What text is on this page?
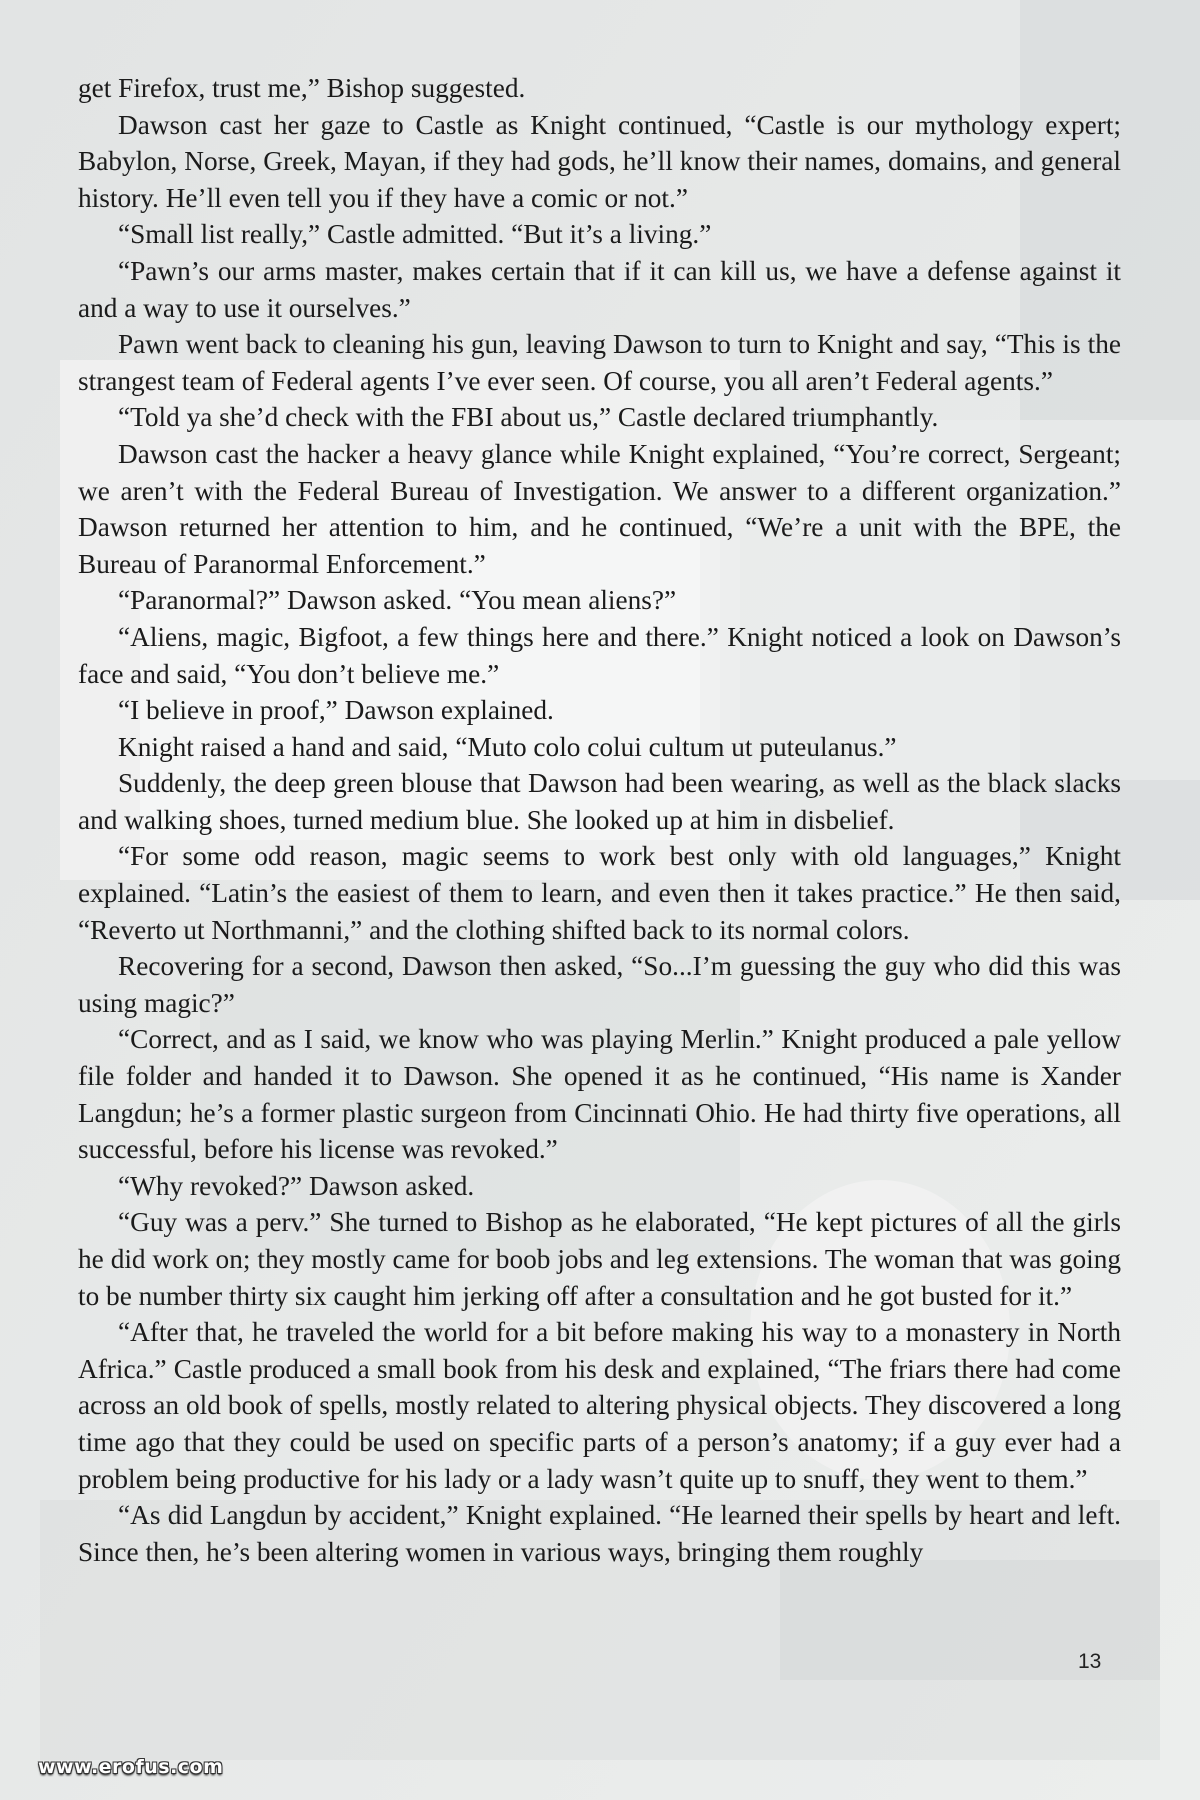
get Firefox, trust me,” Bishop suggested.

Dawson cast her gaze to Castle as Knight continued, “Castle is our mythology expert; Babylon, Norse, Greek, Mayan, if they had gods, he’ll know their names, domains, and general history. He’ll even tell you if they have a comic or not.”

“Small list really,” Castle admitted. “But it’s a living.”

“Pawn’s our arms master, makes certain that if it can kill us, we have a defense against it and a way to use it ourselves.”

Pawn went back to cleaning his gun, leaving Dawson to turn to Knight and say, “This is the strangest team of Federal agents I’ve ever seen. Of course, you all aren’t Federal agents.”

“Told ya she’d check with the FBI about us,” Castle declared triumphantly.

Dawson cast the hacker a heavy glance while Knight explained, “You’re correct, Sergeant; we aren’t with the Federal Bureau of Investigation. We answer to a different organization.” Dawson returned her attention to him, and he continued, “We’re a unit with the BPE, the Bureau of Paranormal Enforcement.”

“Paranormal?” Dawson asked. “You mean aliens?”

“Aliens, magic, Bigfoot, a few things here and there.” Knight noticed a look on Dawson’s face and said, “You don’t believe me.”

“I believe in proof,” Dawson explained.

Knight raised a hand and said, “Muto colo colui cultum ut puteulanus.”

Suddenly, the deep green blouse that Dawson had been wearing, as well as the black slacks and walking shoes, turned medium blue. She looked up at him in disbelief.

“For some odd reason, magic seems to work best only with old languages,” Knight explained. “Latin’s the easiest of them to learn, and even then it takes practice.” He then said, “Reverto ut Northmanni,” and the clothing shifted back to its normal colors.

Recovering for a second, Dawson then asked, “So...I’m guessing the guy who did this was using magic?”

“Correct, and as I said, we know who was playing Merlin.” Knight produced a pale yellow file folder and handed it to Dawson. She opened it as he continued, “His name is Xander Langdun; he’s a former plastic surgeon from Cincinnati Ohio. He had thirty five operations, all successful, before his license was revoked.”

“Why revoked?” Dawson asked.

“Guy was a perv.” She turned to Bishop as he elaborated, “He kept pictures of all the girls he did work on; they mostly came for boob jobs and leg extensions. The woman that was going to be number thirty six caught him jerking off after a consultation and he got busted for it.”

“After that, he traveled the world for a bit before making his way to a monastery in North Africa.” Castle produced a small book from his desk and explained, “The friars there had come across an old book of spells, mostly related to altering physical objects. They discovered a long time ago that they could be used on specific parts of a person’s anatomy; if a guy ever had a problem being productive for his lady or a lady wasn’t quite up to snuff, they went to them.”

“As did Langdun by accident,” Knight explained. “He learned their spells by heart and left. Since then, he’s been altering women in various ways, bringing them roughly

13
www.erofus.com
